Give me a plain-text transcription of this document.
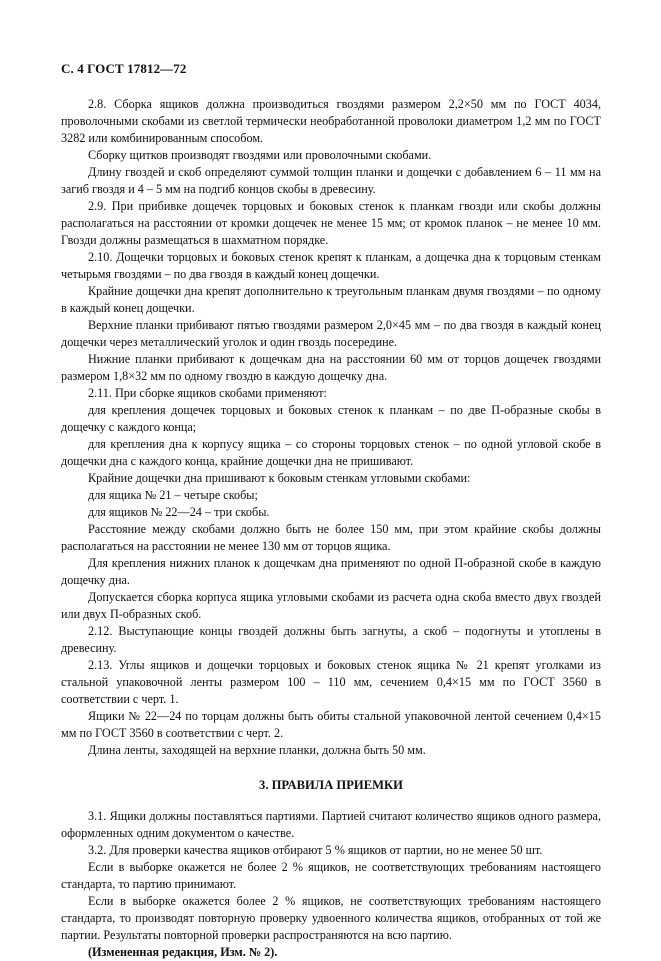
С. 4 ГОСТ 17812—72

2.8. Сборка ящиков должна производиться гвоздями размером 2,2×50 мм по ГОСТ 4034, проволочными скобами из светлой термически необработанной проволоки диаметром 1,2 мм по ГОСТ 3282 или комбинированным способом.

Сборку щитков производят гвоздями или проволочными скобами.

Длину гвоздей и скоб определяют суммой толщин планки и дощечки с добавлением 6 – 11 мм на загиб гвоздя и 4 – 5 мм на подгиб концов скобы в древесину.

2.9. При прибивке дощечек торцовых и боковых стенок к планкам гвозди или скобы должны располагаться на расстоянии от кромки дощечек не менее 15 мм; от кромок планок – не менее 10 мм. Гвозди должны размещаться в шахматном порядке.

2.10. Дощечки торцовых и боковых стенок крепят к планкам, а дощечка дна к торцовым стенкам четырьмя гвоздями – по два гвоздя в каждый конец дощечки.

Крайние дощечки дна крепят дополнительно к треугольным планкам двумя гвоздями – по одному в каждый конец дощечки.

Верхние планки прибивают пятью гвоздями размером 2,0×45 мм – по два гвоздя в каждый конец дощечки через металлический уголок и один гвоздь посередине.

Нижние планки прибивают к дощечкам дна на расстоянии 60 мм от торцов дощечек гвоздями размером 1,8×32 мм по одному гвоздю в каждую дощечку дна.

2.11. При сборке ящиков скобами применяют:

для крепления дощечек торцовых и боковых стенок к планкам – по две П-образные скобы в дощечку с каждого конца;

для крепления дна к корпусу ящика – со стороны торцовых стенок – по одной угловой скобе в дощечки дна с каждого конца, крайние дощечки дна не пришивают.

Крайние дощечки дна пришивают к боковым стенкам угловыми скобами:

для ящика № 21 – четыре скобы;

для ящиков № 22—24 – три скобы.

Расстояние между скобами должно быть не более 150 мм, при этом крайние скобы должны располагаться на расстоянии не менее 130 мм от торцов ящика.

Для крепления нижних планок к дощечкам дна применяют по одной П-образной скобе в каждую дощечку дна.

Допускается сборка корпуса ящика угловыми скобами из расчета одна скоба вместо двух гвоздей или двух П-образных скоб.

2.12. Выступающие концы гвоздей должны быть загнуты, а скоб – подогнуты и утоплены в древесину.

2.13. Углы ящиков и дощечки торцовых и боковых стенок ящика № 21 крепят уголками из стальной упаковочной ленты размером 100 – 110 мм, сечением 0,4×15 мм по ГОСТ 3560 в соответствии с черт. 1.

Ящики № 22—24 по торцам должны быть обиты стальной упаковочной лентой сечением 0,4×15 мм по ГОСТ 3560 в соответствии с черт. 2.

Длина ленты, заходящей на верхние планки, должна быть 50 мм.

3. ПРАВИЛА ПРИЕМКИ

3.1. Ящики должны поставляться партиями. Партией считают количество ящиков одного размера, оформленных одним документом о качестве.

3.2. Для проверки качества ящиков отбирают 5 % ящиков от партии, но не менее 50 шт.

Если в выборке окажется не более 2 % ящиков, не соответствующих требованиям настоящего стандарта, то партию принимают.

Если в выборке окажется более 2 % ящиков, не соответствующих требованиям настоящего стандарта, то производят повторную проверку удвоенного количества ящиков, отобранных от той же партии. Результаты повторной проверки распространяются на всю партию.

(Измененная редакция, Изм. № 2).
